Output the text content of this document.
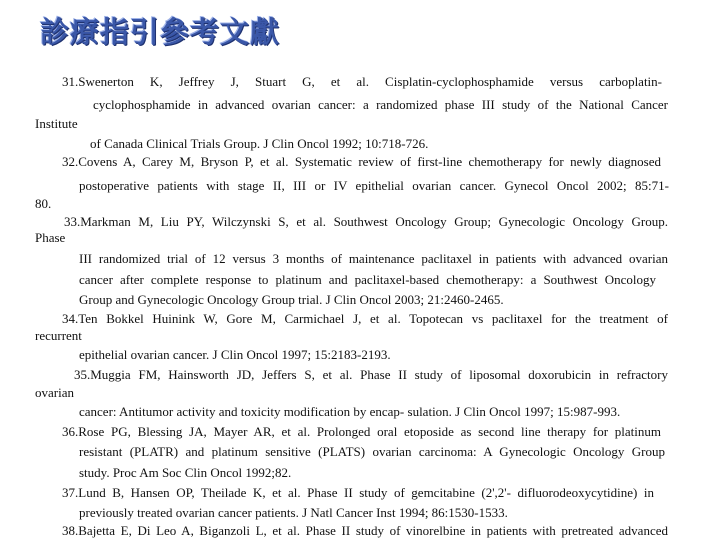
診療指引參考文獻
31.Swenerton K, Jeffrey J, Stuart G, et al. Cisplatin-cyclophosphamide versus carboplatin-
cyclophosphamide in advanced ovarian cancer: a randomized phase III study of the National Cancer
Institute
of Canada Clinical Trials Group. J Clin Oncol 1992; 10:718-726.
32.Covens A, Carey M, Bryson P, et al. Systematic review of first-line chemotherapy for newly diagnosed
postoperative patients with stage II, III or IV epithelial ovarian cancer. Gynecol Oncol 2002; 85:71-
80.
33.Markman M, Liu PY, Wilczynski S, et al. Southwest Oncology Group; Gynecologic Oncology Group.
Phase
III randomized trial of 12 versus 3 months of maintenance paclitaxel in patients with advanced ovarian
cancer after complete response to platinum and paclitaxel-based chemotherapy: a Southwest Oncology
Group and Gynecologic Oncology Group trial. J Clin Oncol 2003; 21:2460-2465.
34.Ten Bokkel Huinink W, Gore M, Carmichael J, et al. Topotecan vs paclitaxel for the treatment of
recurrent
epithelial ovarian cancer. J Clin Oncol 1997; 15:2183-2193.
35.Muggia FM, Hainsworth JD, Jeffers S, et al. Phase II study of liposomal doxorubicin in refractory
ovarian
cancer: Antitumor activity and toxicity modification by encap- sulation. J Clin Oncol 1997; 15:987-993.
36.Rose PG, Blessing JA, Mayer AR, et al. Prolonged oral etoposide as second line therapy for platinum
resistant (PLATR) and platinum sensitive (PLATS) ovarian carcinoma: A Gynecologic Oncology Group
study. Proc Am Soc Clin Oncol 1992;82.
37.Lund B, Hansen OP, Theilade K, et al. Phase II study of gemcitabine (2',2'- difluorodeoxycytidine) in
previously treated ovarian cancer patients. J Natl Cancer Inst 1994; 86:1530-1533.
38.Bajetta E, Di Leo A, Biganzoli L, et al. Phase II study of vinorelbine in patients with pretreated advanced
